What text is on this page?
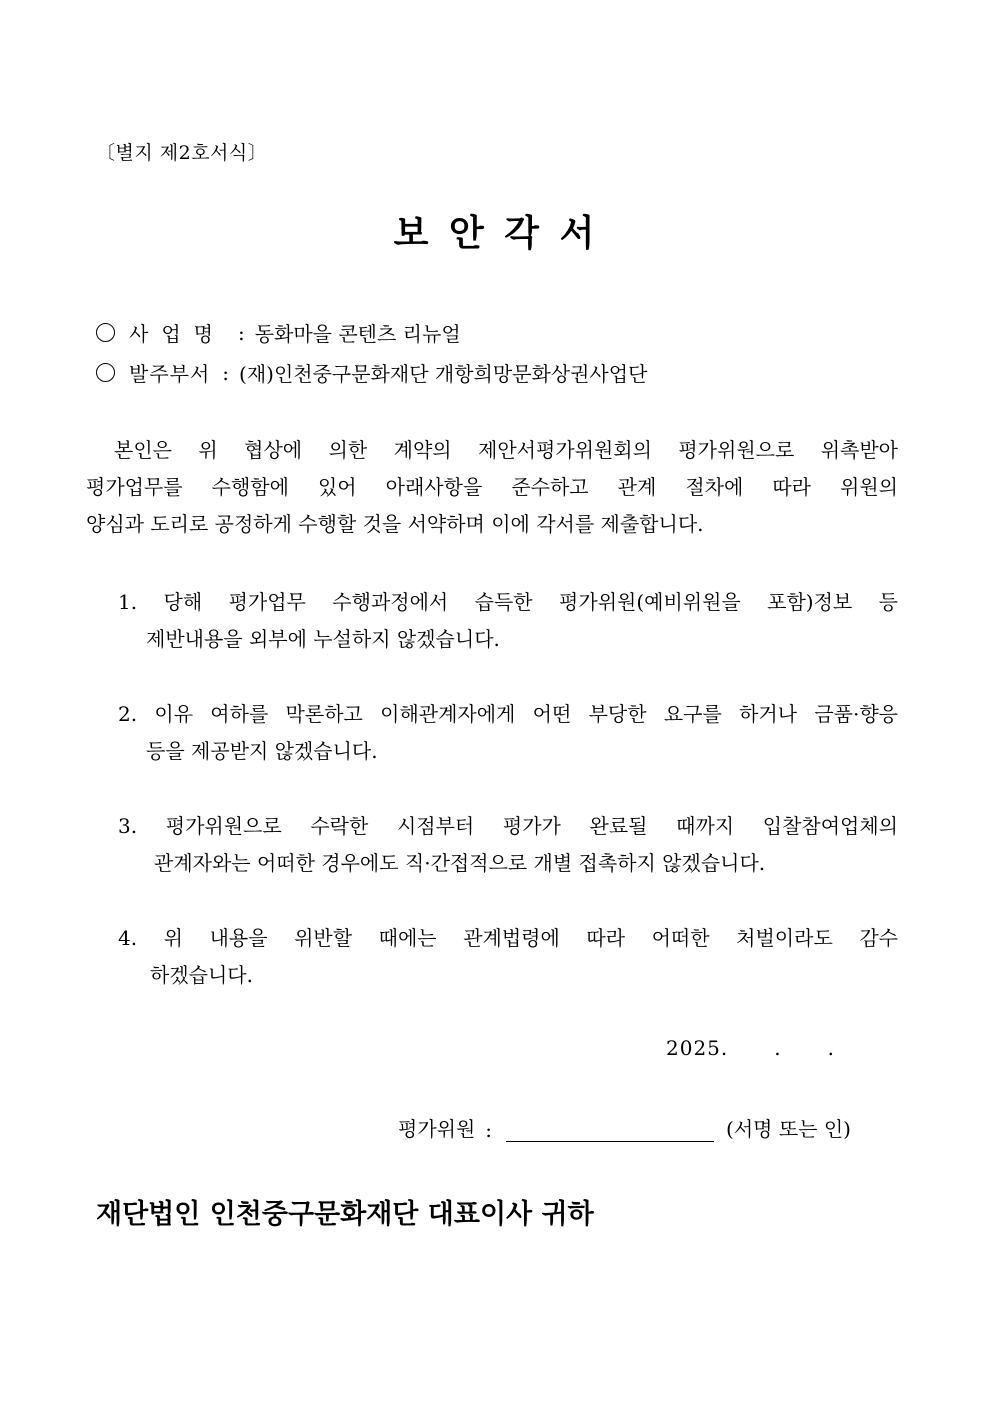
〔별지 제2호서식〕
보 안 각 서
사업명 : 동화마을 콘텐츠 리뉴얼
발주부서 : (재)인천중구문화재단 개항희망문화상권사업단
본인은 위 협상에 의한 계약의 제안서평가위원회의 평가위원으로 위촉받아
평가업무를 수행함에 있어 아래사항을 준수하고 관계 절차에 따라 위원의
양심과 도리로 공정하게 수행할 것을 서약하며 이에 각서를 제출합니다.
1. 당해 평가업무 수행과정에서 습득한 평가위원(예비위원을 포함)정보 등
제반내용을 외부에 누설하지 않겠습니다.
2. 이유 여하를 막론하고 이해관계자에게 어떤 부당한 요구를 하거나 금품·향응
등을 제공받지 않겠습니다.
3. 평가위원으로 수락한 시점부터 평가가 완료될 때까지 입찰참여업체의
관계자와는 어떠한 경우에도 직·간접적으로 개별 접촉하지 않겠습니다.
4. 위 내용을 위반할 때에는 관계법령에 따라 어떠한 처벌이라도 감수
하겠습니다.
2025. . .
평가위원 :	(서명 또는 인)
재단법인 인천중구문화재단 대표이사 귀하
